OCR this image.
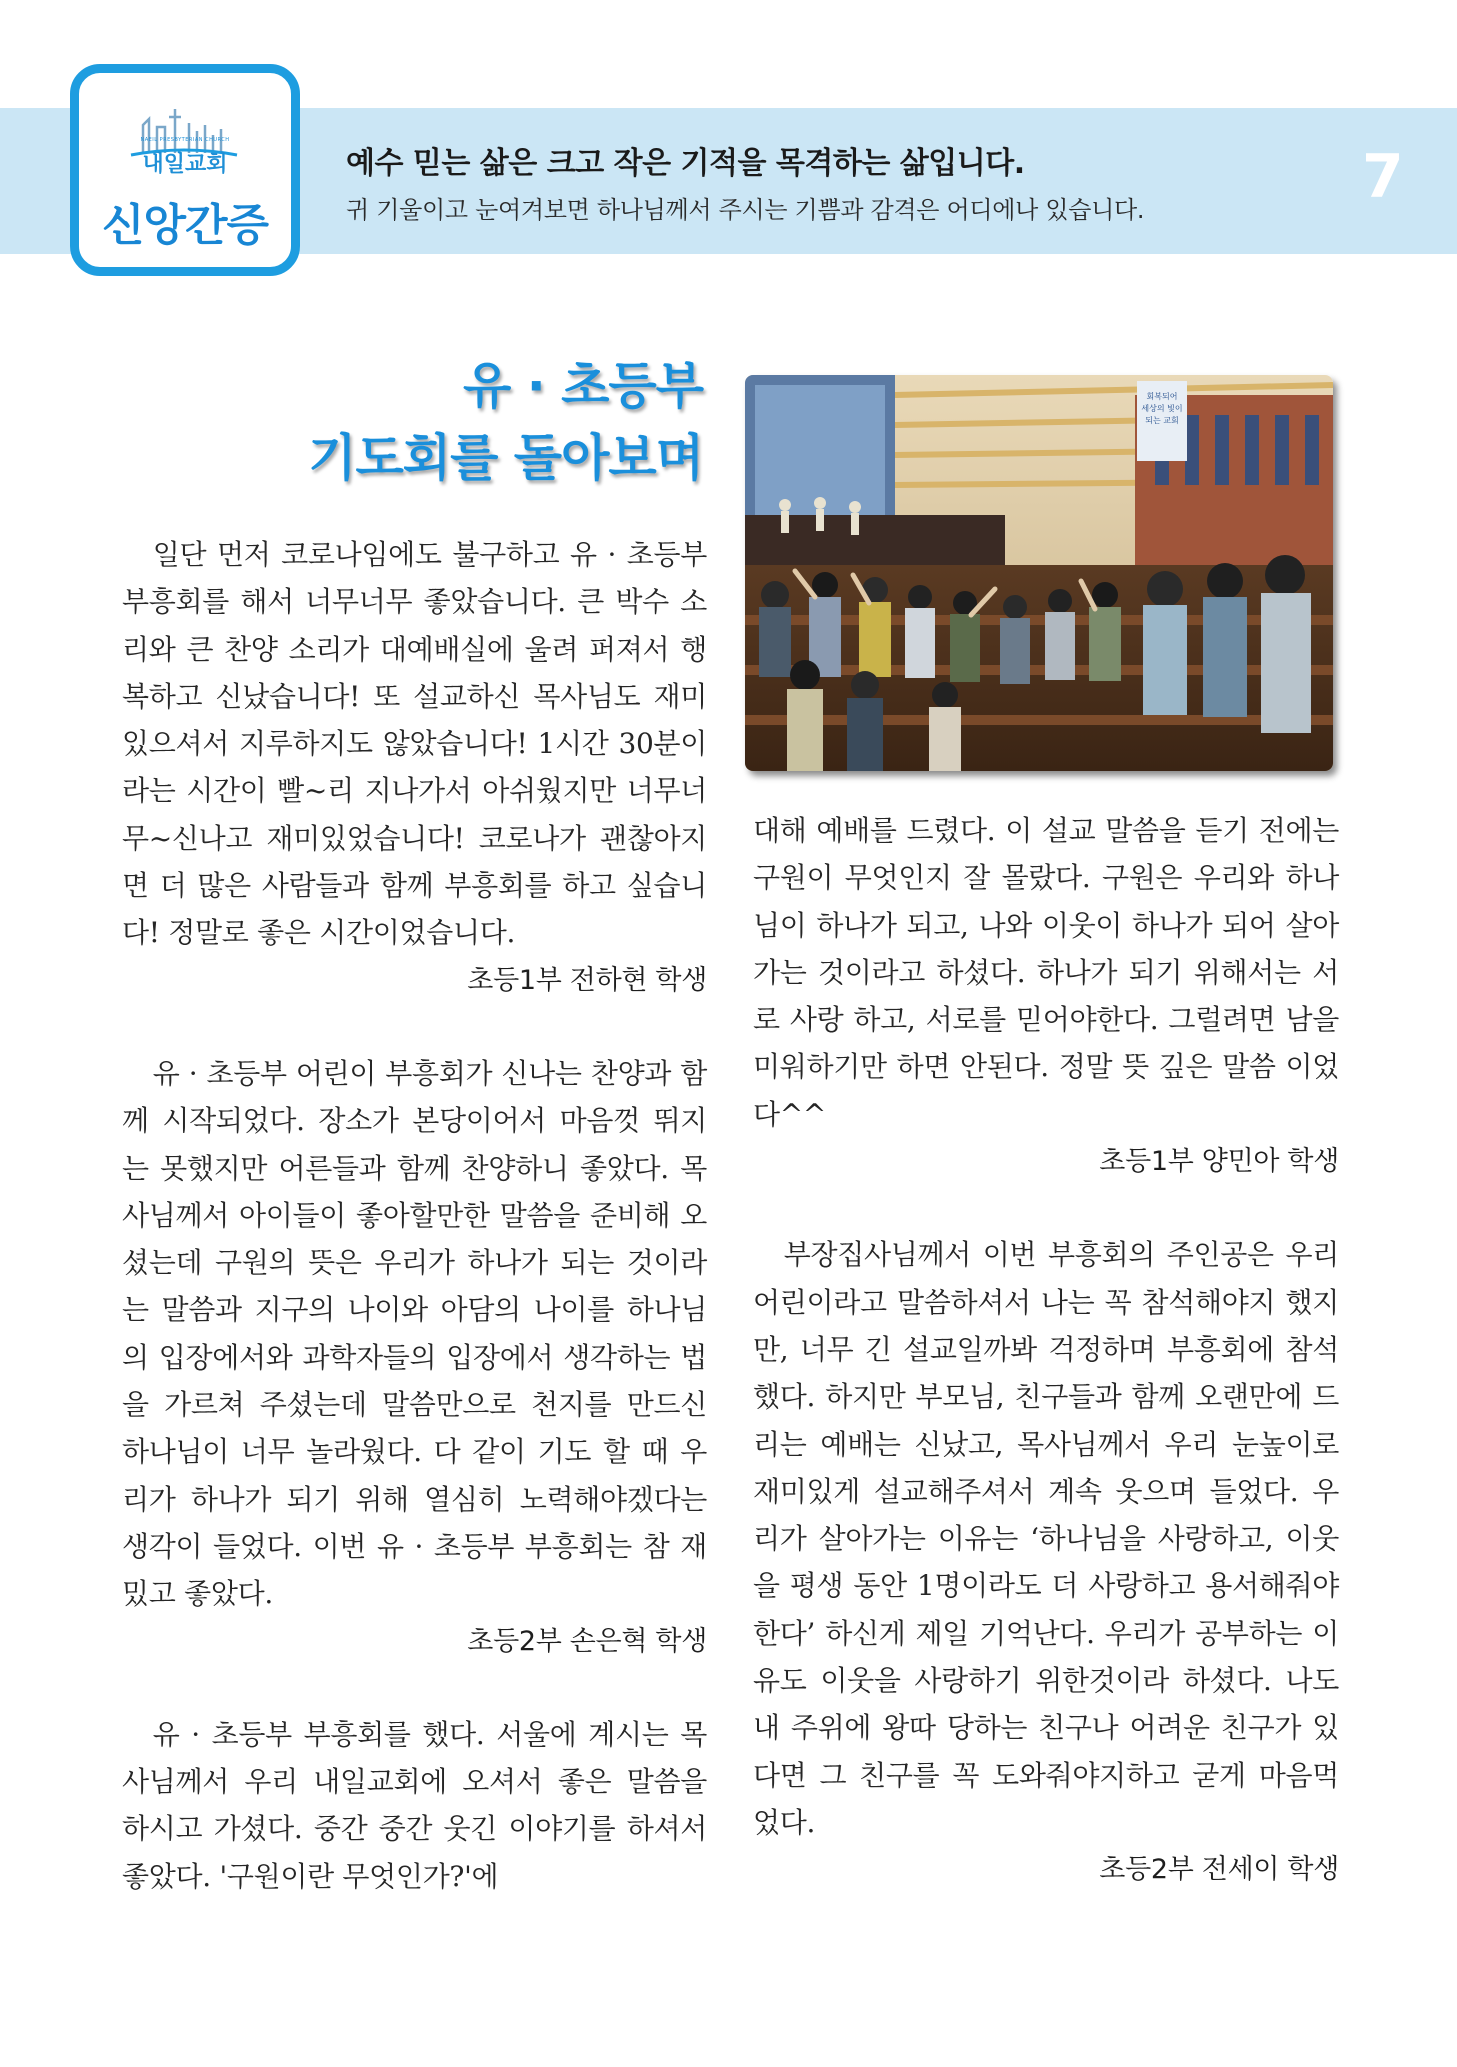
예수 믿는 삶은 크고 작은 기적을 목격하는 삶입니다.
귀 기울이고 눈여겨보면 하나님께서 주시는 기쁨과 감격은 어디에나 있습니다.	7
NAEIL PRESBYTERIAN CHURCH
내일교회
신앙간증
유 · 초등부
기도회를 돌아보며

일단 먼저 코로나임에도 불구하고 유 · 초등부 부흥회를 해서 너무너무 좋았습니다. 큰 박수 소리와 큰 찬양 소리가 대예배실에 울려 퍼져서 행복하고 신났습니다! 또 설교하신 목사님도 재미있으셔서 지루하지도 않았습니다! 1시간 30분이라는 시간이 빨~리 지나가서 아쉬웠지만 너무너무~신나고 재미있었습니다! 코로나가 괜찮아지면 더 많은 사람들과 함께 부흥회를 하고 싶습니다! 정말로 좋은 시간이었습니다.

초등1부 전하현 학생

유 · 초등부 어린이 부흥회가 신나는 찬양과 함께 시작되었다. 장소가 본당이어서 마음껏 뛰지는 못했지만 어른들과 함께 찬양하니 좋았다. 목사님께서 아이들이 좋아할만한 말씀을 준비해 오셨는데 구원의 뜻은 우리가 하나가 되는 것이라는 말씀과 지구의 나이와 아담의 나이를 하나님의 입장에서와 과학자들의 입장에서 생각하는 법을 가르쳐 주셨는데 말씀만으로 천지를 만드신 하나님이 너무 놀라웠다. 다 같이 기도 할 때 우리가 하나가 되기 위해 열심히 노력해야겠다는 생각이 들었다. 이번 유 · 초등부 부흥회는 참 재밌고 좋았다.

초등2부 손은혁 학생

유 · 초등부 부흥회를 했다. 서울에 계시는 목사님께서 우리 내일교회에 오셔서 좋은 말씀을 하시고 가셨다. 중간 중간 웃긴 이야기를 하셔서 좋았다. '구원이란 무엇인가?'에

회복되어
세상의 빛이
되는 교회

대해 예배를 드렸다. 이 설교 말씀을 듣기 전에는 구원이 무엇인지 잘 몰랐다. 구원은 우리와 하나님이 하나가 되고, 나와 이웃이 하나가 되어 살아가는 것이라고 하셨다. 하나가 되기 위해서는 서로 사랑 하고, 서로를 믿어야한다. 그럴려면 남을 미워하기만 하면 안된다. 정말 뜻 깊은 말씀 이었다^^

초등1부 양민아 학생

부장집사님께서 이번 부흥회의 주인공은 우리 어린이라고 말씀하셔서 나는 꼭 참석해야지 했지만, 너무 긴 설교일까봐 걱정하며 부흥회에 참석했다. 하지만 부모님, 친구들과 함께 오랜만에 드리는 예배는 신났고, 목사님께서 우리 눈높이로 재미있게 설교해주셔서 계속 웃으며 들었다. 우리가 살아가는 이유는 ‘하나님을 사랑하고, 이웃을 평생 동안 1명이라도 더 사랑하고 용서해줘야한다’ 하신게 제일 기억난다. 우리가 공부하는 이유도 이웃을 사랑하기 위한것이라 하셨다. 나도 내 주위에 왕따 당하는 친구나 어려운 친구가 있다면 그 친구를 꼭 도와줘야지하고 굳게 마음먹었다.

초등2부 전세이 학생
